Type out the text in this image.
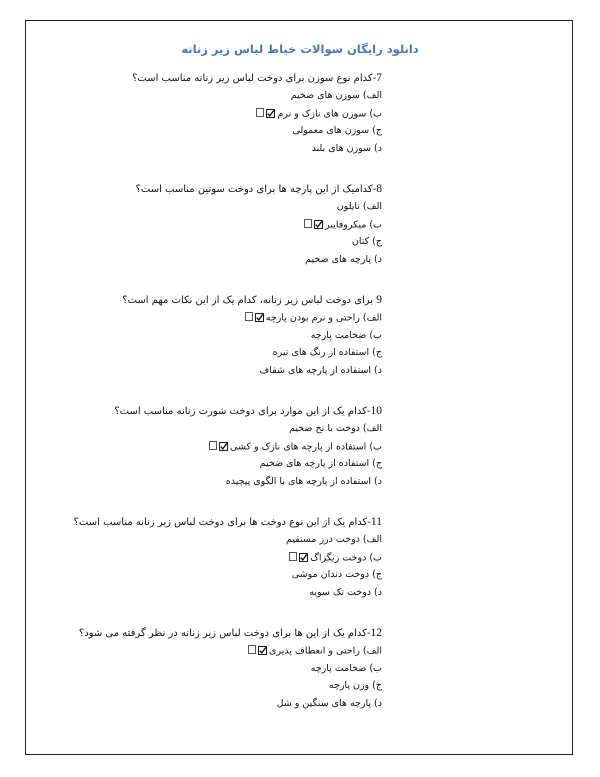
دانلود رایگان سوالات خیاط لباس زیر زنانه
7-کدام نوع سوزن برای دوخت لباس زیر زنانه مناسب است؟
الف) سوزن های ضخیم
ب) سوزن های نازک و نرم
ج) سوزن های معمولی
د) سوزن های بلند
8-کدامیک از این پارچه ها برای دوخت سوتین مناسب است؟
الف) نایلون
ب) میکروفایبر
ج) کتان
د) پارچه های ضخیم
9 برای دوخت لباس زیر زنانه، کدام یک از این نکات مهم است؟
الف) راحتی و نرم بودن پارچه
ب) ضخامت پارچه
ج) استفاده از رنگ های تیره
د) استفاده از پارچه های شفاف
10-کدام یک از این موارد برای دوخت شورت زنانه مناسب است؟
الف) دوخت با نخ ضخیم
ب) استفاده از پارچه های نازک و کشی
ج) استفاده از پارچه های ضخیم
د) استفاده از پارچه های با الگوی پیچیده
11-کدام یک از این نوع دوخت ها برای دوخت لباس زیر زنانه مناسب است؟
الف) دوخت درز مستقیم
ب) دوخت زیگزاگ
ج) دوخت دندان موشی
د) دوخت تک سویه
12-کدام یک از این ها برای دوخت لباس زیر زنانه در نظر گرفته می شود؟
الف) راحتی و انعطاف پذیری
ب) ضخامت پارچه
ج) وزن پارچه
د) پارچه های سنگین و شل
